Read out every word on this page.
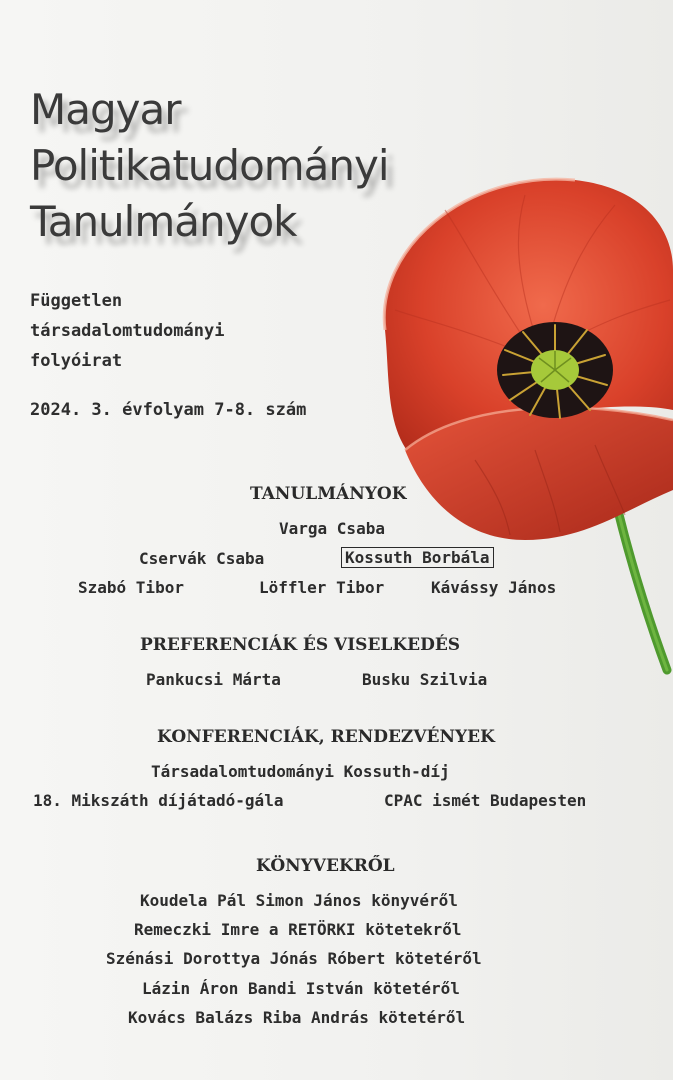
Magyar
Politikatudományi
Tanulmányok
Független
társadalomtudományi
folyóirat
2024. 3. évfolyam 7-8. szám
TANULMÁNYOK
Varga Csaba
Cservák Csaba	Kossuth Borbála
Szabó Tibor	Löffler Tibor	Kávássy János
PREFERENCIÁK ÉS VISELKEDÉS
Pankucsi Márta	Busku Szilvia
KONFERENCIÁK, RENDEZVÉNYEK
Társadalomtudományi Kossuth-díj
18. Mikszáth díjátadó-gála	CPAC ismét Budapesten
KÖNYVEKRŐL
Koudela Pál Simon János könyvéről
Remeczki Imre a RETÖRKI kötetekről
Szénási Dorottya Jónás Róbert kötetéről
Lázin Áron Bandi István kötetéről
Kovács Balázs Riba András kötetéről
